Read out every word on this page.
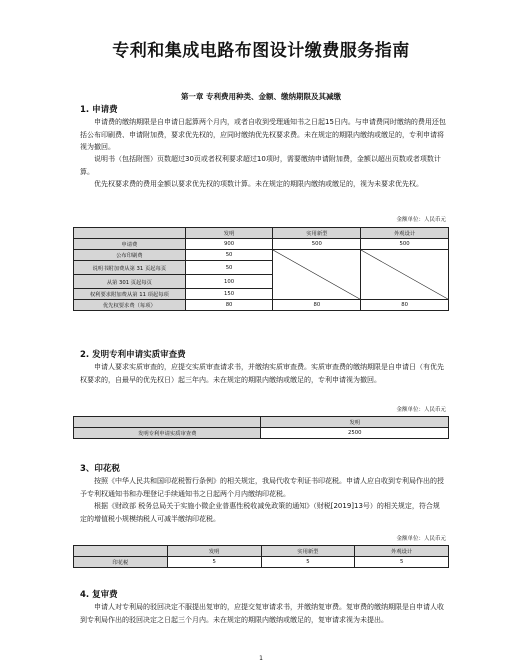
专利和集成电路布图设计缴费服务指南
第一章 专利费用种类、金额、缴纳期限及其减缴
1. 申请费

申请费的缴纳期限是自申请日起算两个月内，或者自收到受理通知书之日起15日内。与申请费同时缴纳的费用还包括公布印刷费、申请附加费，要求优先权的，应同时缴纳优先权要求费。未在规定的期限内缴纳或缴足的，专利申请将视为撤回。

说明书（包括附图）页数超过30页或者权利要求超过10项时，需要缴纳申请附加费，金额以超出页数或者项数计算。

优先权要求费的费用金额以要求优先权的项数计算。未在规定的期限内缴纳或缴足的，视为未要求优先权。

金额单位：人民币元
	发明	实用新型	外观设计
申请费	900	500	500
公布印刷费	50	

说明书附加费从第 31 页起每页	50		
从第 301 页起每页	100		
权利要求附加费从第 11 项起每项	150		
优先权要求费（每项）	80	80	80
2. 发明专利申请实质审查费

申请人要求实质审查的，应提交实质审查请求书，并缴纳实质审查费。实质审查费的缴纳期限是自申请日（有优先权要求的，自最早的优先权日）起三年内。未在规定的期限内缴纳或缴足的，专利申请视为撤回。

金额单位：人民币元
	发明
发明专利申请实质审查费	2500
3、印花税

按照《中华人民共和国印花税暂行条例》的相关规定，我局代收专利证书印花税。申请人应自收到专利局作出的授予专利权通知书和办理登记手续通知书之日起两个月内缴纳印花税。

根据《财政部 税务总局关于实施小微企业普惠性税收减免政策的通知》（财税[2019]13号）的相关规定，符合规定的增值税小规模纳税人可减半缴纳印花税。

金额单位：人民币元
	发明	实用新型	外观设计
印花税	5	5	5
4. 复审费

申请人对专利局的驳回决定不服提出复审的，应提交复审请求书，并缴纳复审费。复审费的缴纳期限是自申请人收到专利局作出的驳回决定之日起三个月内。未在规定的期限内缴纳或缴足的，复审请求视为未提出。

1
